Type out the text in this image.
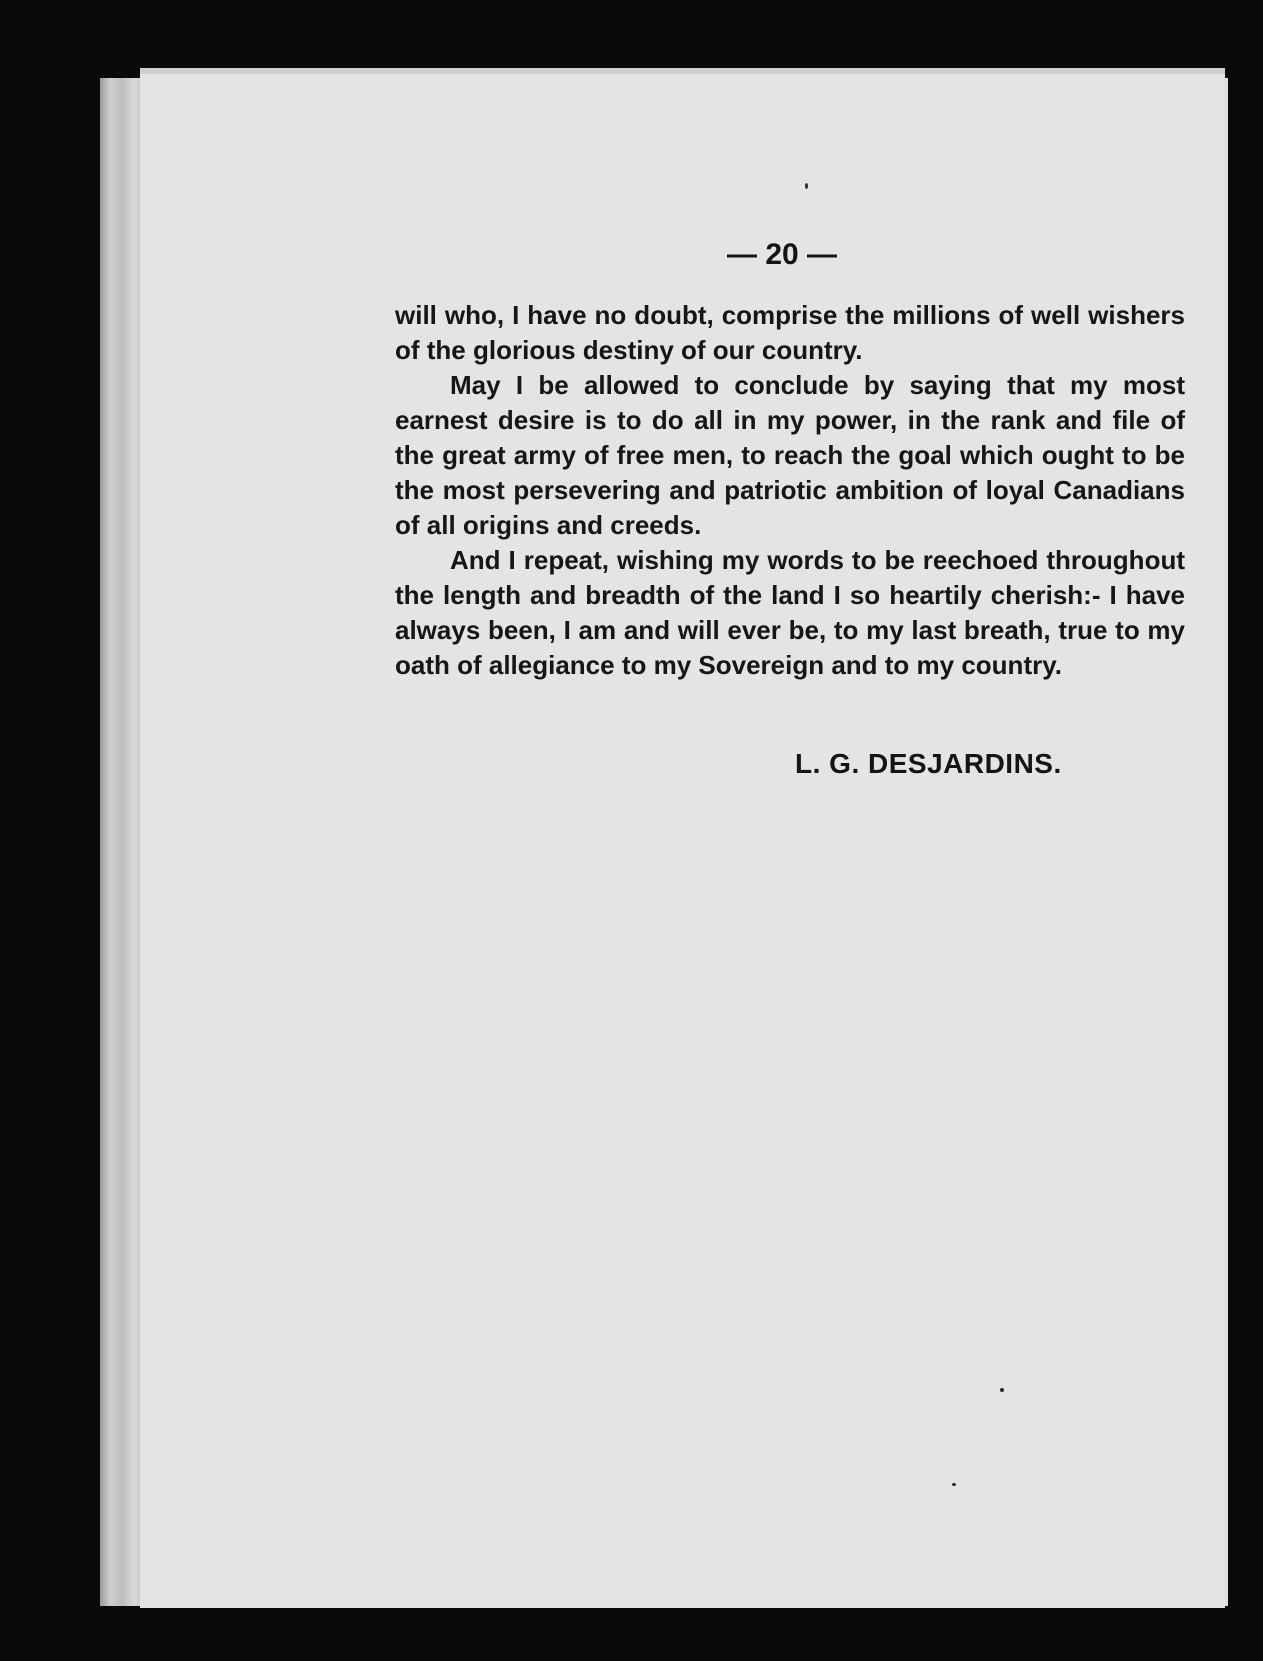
— 20 —

will who, I have no doubt, comprise the millions of well wishers of the glorious destiny of our country.

May I be allowed to conclude by saying that my most earnest desire is to do all in my power, in the rank and file of the great army of free men, to reach the goal which ought to be the most persevering and patriotic ambition of loyal Canadians of all origins and creeds.

And I repeat, wishing my words to be reechoed throughout the length and breadth of the land I so heartily cherish:- I have always been, I am and will ever be, to my last breath, true to my oath of allegiance to my Sovereign and to my country.

L. G. DESJARDINS.
